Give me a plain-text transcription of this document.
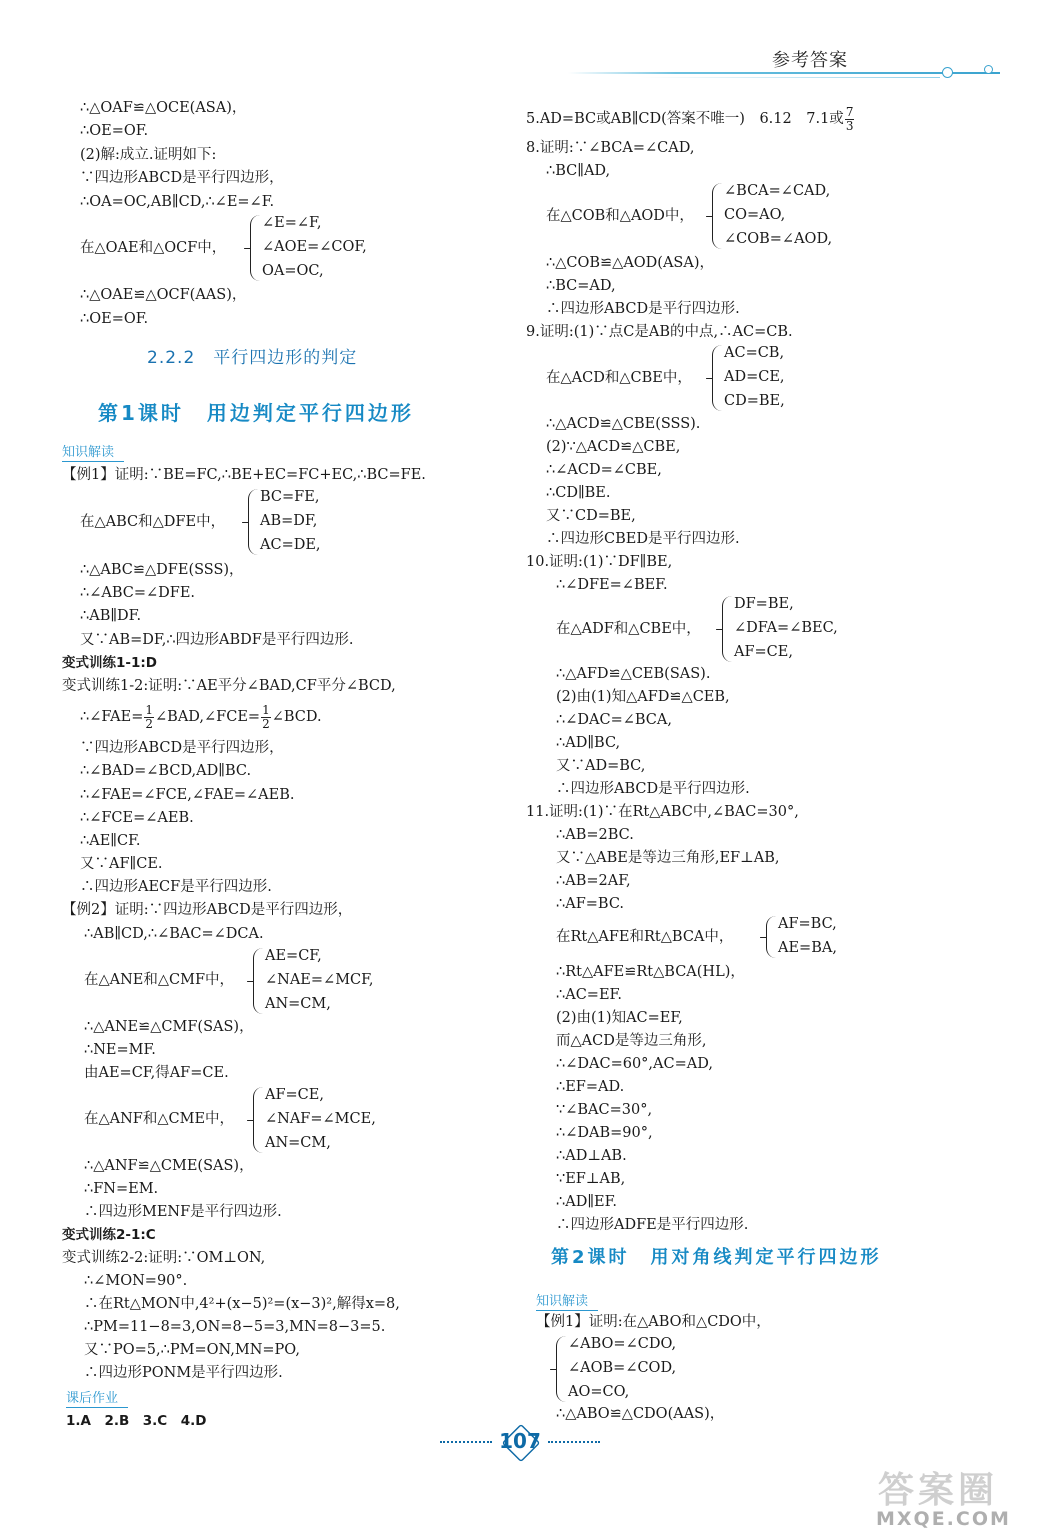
参考答案
∴△OAF≌△OCE(ASA)，
∴OE=OF.
(2)解:成立.证明如下:
∵四边形ABCD是平行四边形，
∴OA=OC,AB∥CD,∴∠E=∠F.
在△OAE和△OCF中，
∠E=∠F,
∠AOE=∠COF,
OA=OC,
∴△OAE≌△OCF(AAS)，
∴OE=OF.
2.2.2　平行四边形的判定
第1课时　用边判定平行四边形
知识解读
【例1】证明:∵BE=FC,∴BE+EC=FC+EC,∴BC=FE.
在△ABC和△DFE中，
BC=FE,
AB=DF,
AC=DE,
∴△ABC≌△DFE(SSS)，
∴∠ABC=∠DFE.
∴AB∥DF.
又∵AB=DF,∴四边形ABDF是平行四边形.
变式训练1-1:D
变式训练1-2:证明:∵AE平分∠BAD,CF平分∠BCD,
∴∠FAE= $\frac{1}{2}$ ∠BAD,∠FCE= $\frac{1}{2}$ ∠BCD.
∵四边形ABCD是平行四边形，
∴∠BAD=∠BCD,AD∥BC.
∴∠FAE=∠FCE,∠FAE=∠AEB.
∴∠FCE=∠AEB.
∴AE∥CF.
又∵AF∥CE.
∴四边形AECF是平行四边形.
【例2】证明:∵四边形ABCD是平行四边形，
∴AB∥CD,∴∠BAC=∠DCA.
在△ANE和△CMF中，
AE=CF,
∠NAE=∠MCF,
AN=CM,
∴△ANE≌△CMF(SAS)，
∴NE=MF.
由AE=CF,得AF=CE.
在△ANF和△CME中，
AF=CE,
∠NAF=∠MCE,
AN=CM,
∴△ANF≌△CME(SAS)，
∴FN=EM.
∴四边形MENF是平行四边形.
变式训练2-1:C
变式训练2-2:证明:∵OM⊥ON,
∴∠MON=90°.
∴在Rt△MON中,4²+(x−5)²=(x−3)²,解得x=8,
∴PM=11−8=3,ON=8−5=3,MN=8−3=5.
又∵PO=5,∴PM=ON,MN=PO,
∴四边形PONM是平行四边形.
课后作业
1.A　2.B　3.C　4.D
5.AD=BC或AB∥CD(答案不唯一)　6.12　7.1或 $\frac{7}{3}$
8.证明:∵∠BCA=∠CAD,
∴BC∥AD,
在△COB和△AOD中，
∠BCA=∠CAD,
CO=AO,
∠COB=∠AOD,
∴△COB≌△AOD(ASA)，
∴BC=AD,
∴四边形ABCD是平行四边形.
9.证明:(1)∵点C是AB的中点,∴AC=CB.
在△ACD和△CBE中，
AC=CB,
AD=CE,
CD=BE,
∴△ACD≌△CBE(SSS).
(2)∵△ACD≌△CBE,
∴∠ACD=∠CBE,
∴CD∥BE.
又∵CD=BE,
∴四边形CBED是平行四边形.
10.证明:(1)∵DF∥BE,
∴∠DFE=∠BEF.
在△ADF和△CBE中，
DF=BE,
∠DFA=∠BEC,
AF=CE,
∴△AFD≌△CEB(SAS).
(2)由(1)知△AFD≌△CEB,
∴∠DAC=∠BCA,
∴AD∥BC,
又∵AD=BC,
∴四边形ABCD是平行四边形.
11.证明:(1)∵在Rt△ABC中,∠BAC=30°,
∴AB=2BC.
又∵△ABE是等边三角形,EF⊥AB,
∴AB=2AF,
∴AF=BC.
在Rt△AFE和Rt△BCA中，
AF=BC,
AE=BA,
∴Rt△AFE≌Rt△BCA(HL)，
∴AC=EF.
(2)由(1)知AC=EF,
而△ACD是等边三角形,
∴∠DAC=60°,AC=AD,
∴EF=AD.
∵∠BAC=30°,
∴∠DAB=90°,
∴AD⊥AB.
∵EF⊥AB,
∴AD∥EF.
∴四边形ADFE是平行四边形.
第2课时　用对角线判定平行四边形
知识解读
【例1】证明:在△ABO和△CDO中，
∠ABO=∠CDO,
∠AOB=∠COD,
AO=CO,
∴△ABO≌△CDO(AAS)，
107
答案圈
MXQE.COM
